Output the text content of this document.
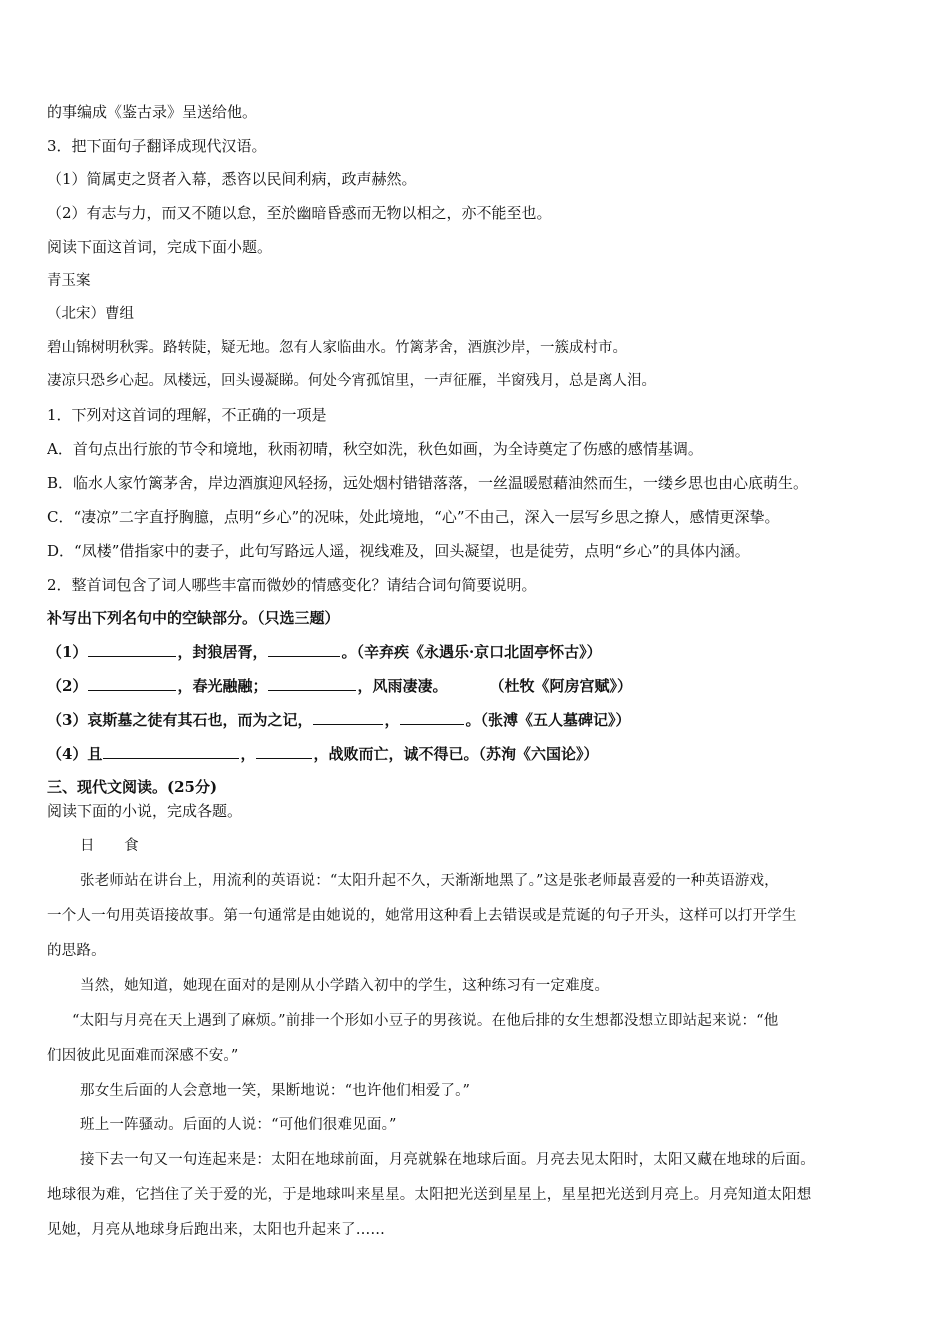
的事编成《鉴古录》呈送给他。
3．把下面句子翻译成现代汉语。
（1）简属吏之贤者入幕，悉咨以民间利病，政声赫然。
（2）有志与力，而又不随以怠，至於幽暗昏惑而无物以相之，亦不能至也。
阅读下面这首词，完成下面小题。
青玉案
（北宋）曹组
碧山锦树明秋霁。路转陡，疑无地。忽有人家临曲水。竹篱茅舍，酒旗沙岸，一簇成村市。
凄凉只恐乡心起。凤楼远，回头谩凝睇。何处今宵孤馆里，一声征雁，半窗残月，总是离人泪。
1．下列对这首词的理解，不正确的一项是
A．首句点出行旅的节令和境地，秋雨初晴，秋空如洗，秋色如画，为全诗奠定了伤感的感情基调。
B．临水人家竹篱茅舍，岸边酒旗迎风轻扬，远处烟村错错落落，一丝温暖慰藉油然而生，一缕乡思也由心底萌生。
C．“凄凉”二字直抒胸臆，点明“乡心”的况味，处此境地，“心”不由己，深入一层写乡思之撩人，感情更深挚。
D．“凤楼”借指家中的妻子，此句写路远人遥，视线难及，回头凝望，也是徒劳，点明“乡心”的具体内涵。
2．整首词包含了词人哪些丰富而微妙的情感变化？请结合词句简要说明。
补写出下列名句中的空缺部分。（只选三题）
（1）	，封狼居胥，	。（辛弃疾《永遇乐·京口北固亭怀古》）
（2）	，春光融融；	，风雨凄凄。	（杜牧《阿房宫赋》）
（3）哀斯墓之徒有其石也，而为之记，	，	。（张溥《五人墓碑记》）
（4）且	，	，战败而亡，诚不得已。（苏洵《六国论》）
三、现代文阅读。(25分)
阅读下面的小说，完成各题。
日　　食
张老师站在讲台上，用流利的英语说：“太阳升起不久，天渐渐地黑了。”这是张老师最喜爱的一种英语游戏，
一个人一句用英语接故事。第一句通常是由她说的，她常用这种看上去错误或是荒诞的句子开头，这样可以打开学生
的思路。
当然，她知道，她现在面对的是刚从小学踏入初中的学生，这种练习有一定难度。
“太阳与月亮在天上遇到了麻烦。”前排一个形如小豆子的男孩说。在他后排的女生想都没想立即站起来说：“他
们因彼此见面难而深感不安。”
那女生后面的人会意地一笑，果断地说：“也许他们相爱了。”
班上一阵骚动。后面的人说：“可他们很难见面。”
接下去一句又一句连起来是：太阳在地球前面，月亮就躲在地球后面。月亮去见太阳时，太阳又藏在地球的后面。
地球很为难，它挡住了关于爱的光，于是地球叫来星星。太阳把光送到星星上，星星把光送到月亮上。月亮知道太阳想
见她，月亮从地球身后跑出来，太阳也升起来了……
